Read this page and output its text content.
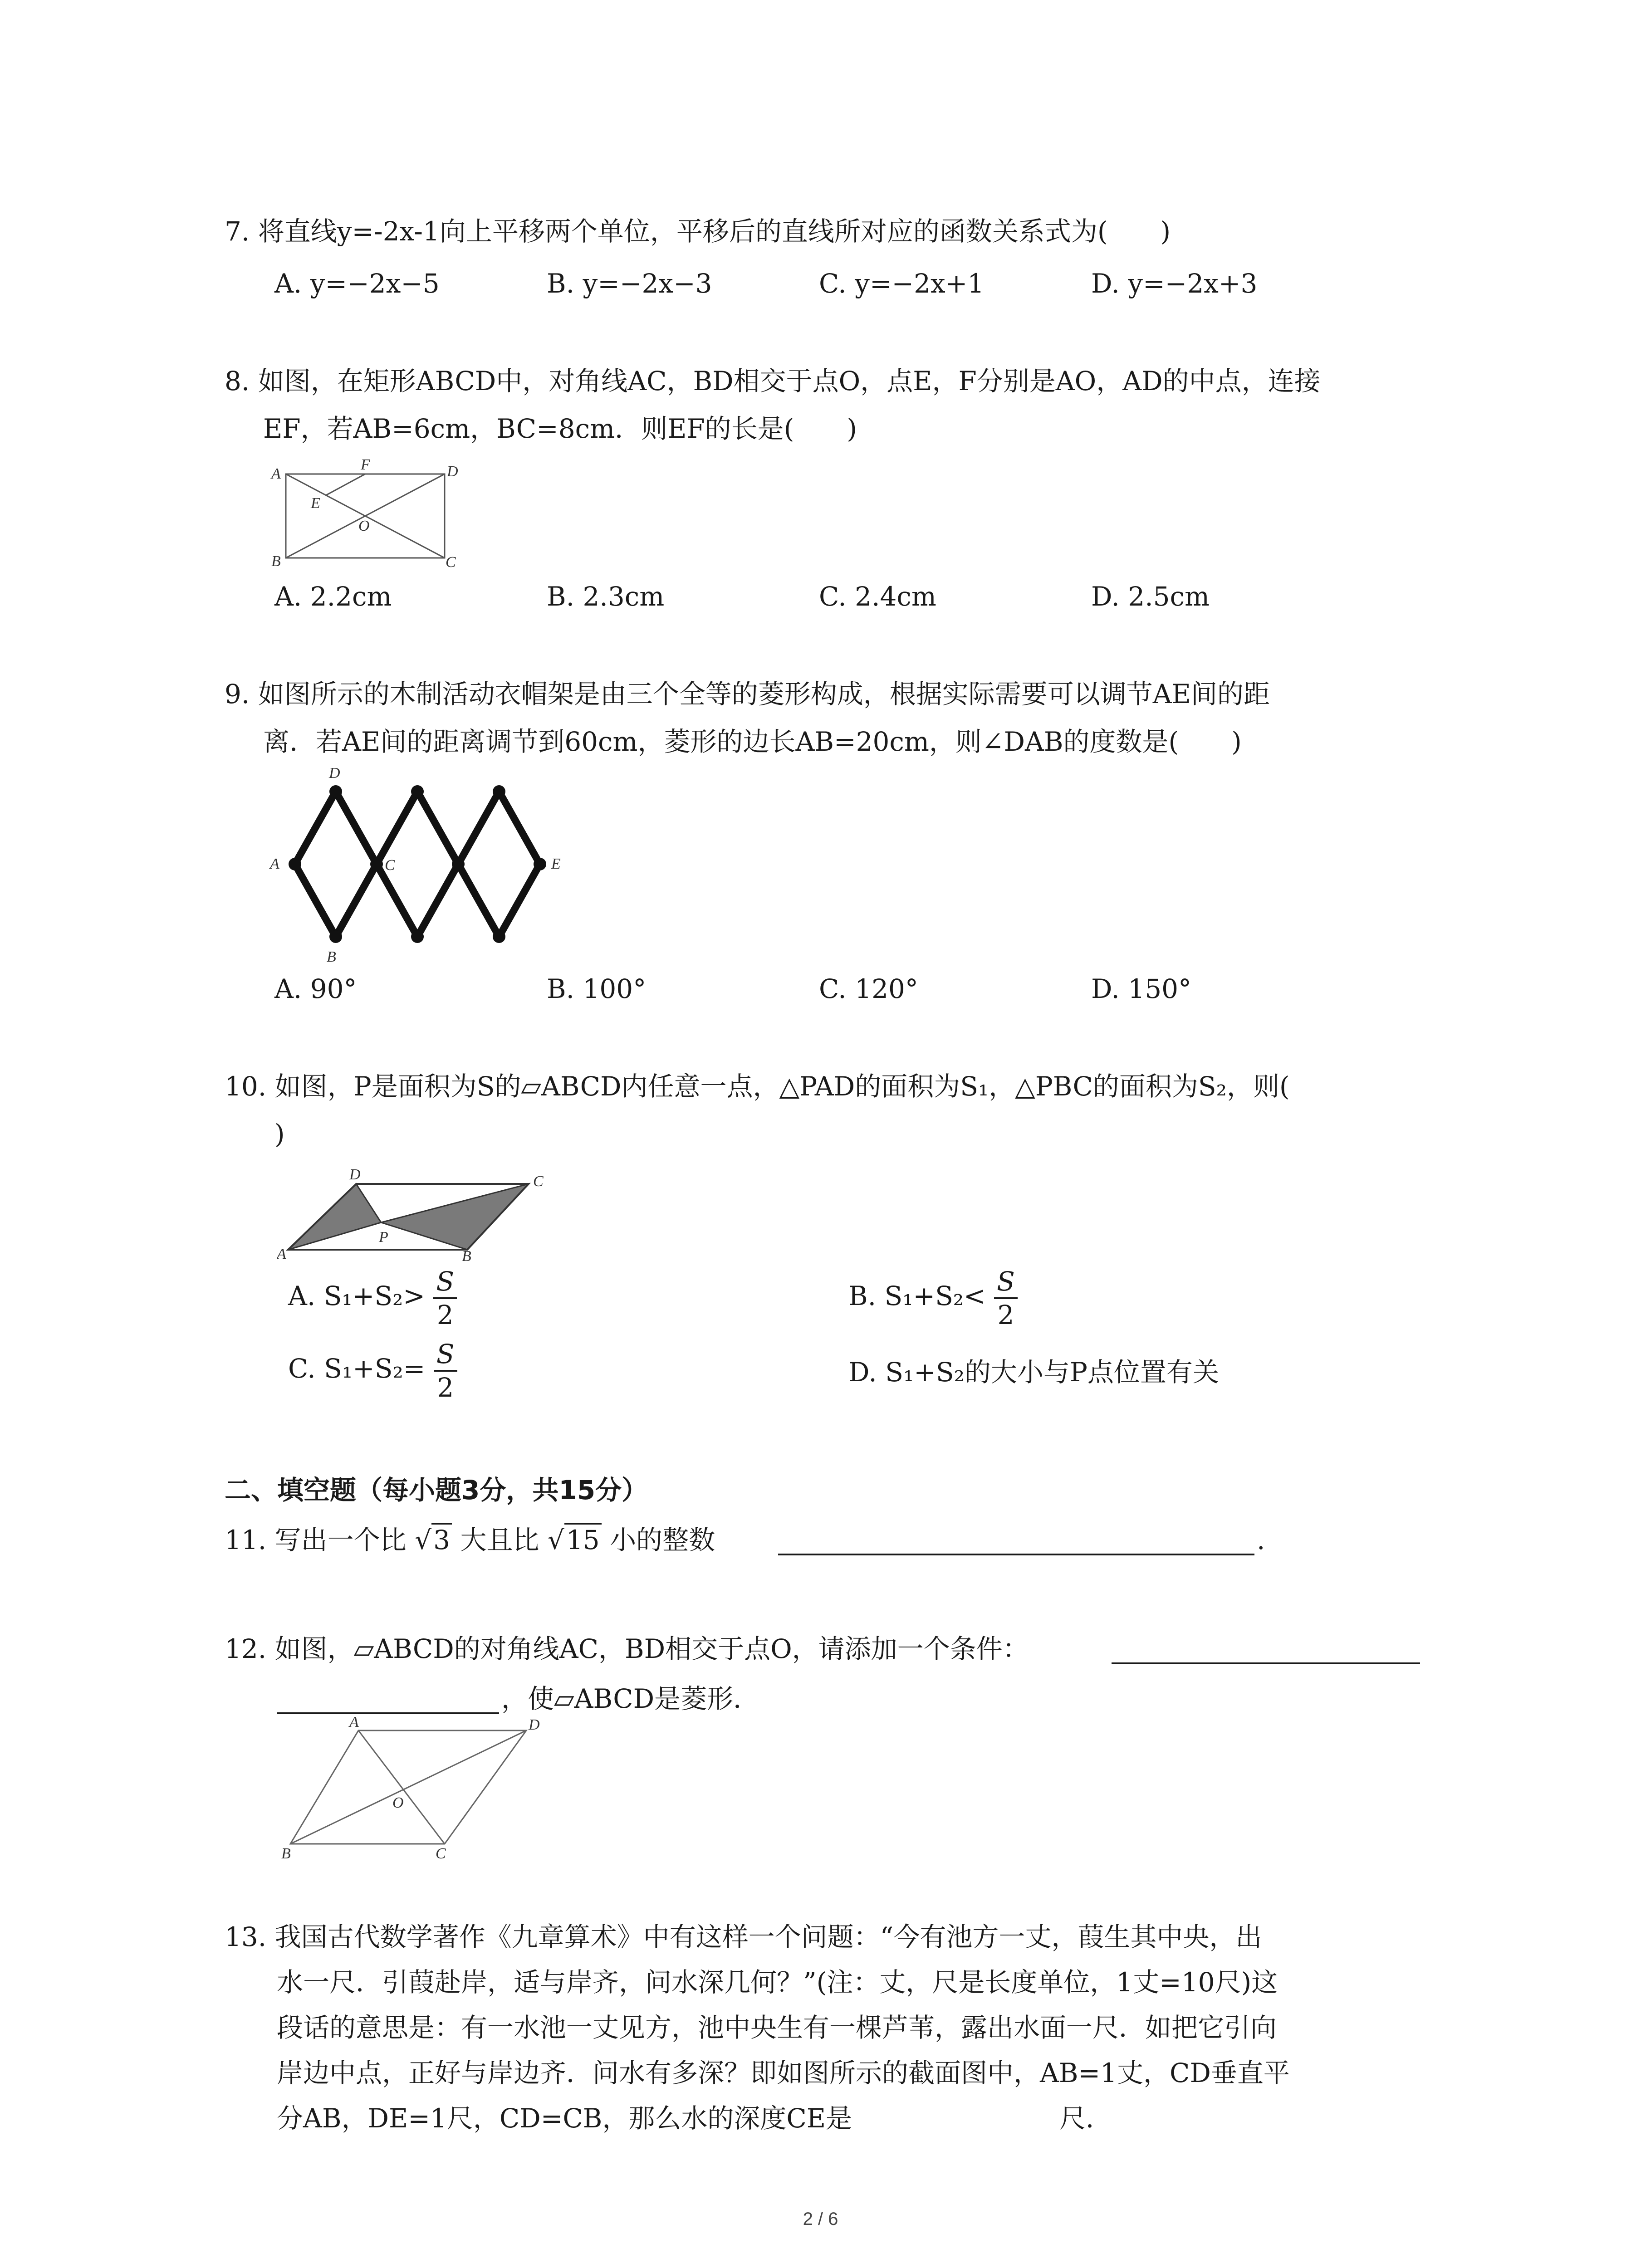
7. 将直线y=-2x-1向上平移两个单位，平移后的直线所对应的函数关系式为(　　)
A. y=−2x−5	B. y=−2x−3	C. y=−2x+1	D. y=−2x+3
8. 如图，在矩形ABCD中，对角线AC，BD相交于点O，点E，F分别是AO，AD的中点，连接
EF，若AB=6cm，BC=8cm．则EF的长是(　　)
A
F	D
E
O
B	C
A. 2.2cm	B. 2.3cm	C. 2.4cm	D. 2.5cm
9. 如图所示的木制活动衣帽架是由三个全等的菱形构成，根据实际需要可以调节AE间的距
离．若AE间的距离调节到60cm，菱形的边长AB=20cm，则∠DAB的度数是(　　)
D
A	C	E
B
A. 90°	B. 100°	C. 120°	D. 150°
10. 如图，P是面积为S的▱ABCD内任意一点，△PAD的面积为S₁，△PBC的面积为S₂，则(
)
D	C
P
A	B
A. $S_1+S_2> \frac{S}{2}$	B. $S_1+S_2< \frac{S}{2}$
C. $S_1+S_2= \frac{S}{2}$	D. S₁+S₂的大小与P点位置有关
二、填空题（每小题3分，共15分）
11. 写出一个比 √3 大且比 √15 小的整数	.
12. 如图，▱ABCD的对角线AC，BD相交于点O，请添加一个条件：
，使▱ABCD是菱形．
A	D
O
B	C
13. 我国古代数学著作《九章算术》中有这样一个问题：“今有池方一丈，葭生其中央，出
水一尺．引葭赴岸，适与岸齐，问水深几何？”(注：丈，尺是长度单位，1丈=10尺)这
段话的意思是：有一水池一丈见方，池中央生有一棵芦苇，露出水面一尺．如把它引向
岸边中点，正好与岸边齐．问水有多深？即如图所示的截面图中，AB=1丈，CD垂直平
分AB，DE=1尺，CD=CB，那么水的深度CE是	尺．
2 / 6
